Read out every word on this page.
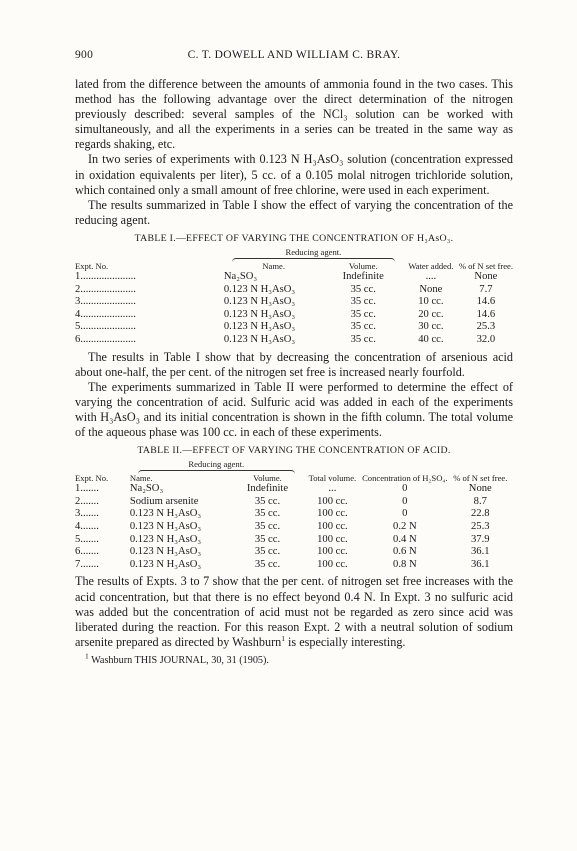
900	C. T. DOWELL AND WILLIAM C. BRAY.

lated from the difference between the amounts of ammonia found in the two cases. This method has the following advantage over the direct determination of the nitrogen previously described: several samples of the NCl₃ solution can be worked with simultaneously, and all the experiments in a series can be treated in the same way as regards shaking, etc.

In two series of experiments with 0.123 N H₃AsO₃ solution (concentration expressed in oxidation equivalents per liter), 5 cc. of a 0.105 molal nitrogen trichloride solution, which contained only a small amount of free chlorine, were used in each experiment.

The results summarized in Table I show the effect of varying the concentration of the reducing agent.

TABLE I.—EFFECT OF VARYING THE CONCENTRATION OF H₃AsO₃.

	Reducing agent.			

Expt. No.	Name.	Volume.	Water added.	% of N set free.
1.....................	Na₂SO₃	Indefinite	....	None
2.....................	0.123 N H₃AsO₃	35 cc.	None	7.7
3.....................	0.123 N H₃AsO₃	35 cc.	10 cc.	14.6
4.....................	0.123 N H₃AsO₃	35 cc.	20 cc.	14.6
5.....................	0.123 N H₃AsO₃	35 cc.	30 cc.	25.3
6.....................	0.123 N H₃AsO₃	35 cc.	40 cc.	32.0

The results in Table I show that by decreasing the concentration of arsenious acid about one-half, the per cent. of the nitrogen set free is increased nearly fourfold.

The experiments summarized in Table II were performed to determine the effect of varying the concentration of acid. Sulfuric acid was added in each of the experiments with H₃AsO₃ and its initial concentration is shown in the fifth column. The total volume of the aqueous phase was 100 cc. in each of these experiments.

TABLE II.—EFFECT OF VARYING THE CONCENTRATION OF ACID.

	Reducing agent.				

Expt. No.	Name.	Volume.	Total volume.	Concentration of H₂SO₄.	% of N set free.
1.......	Na₂SO₃	Indefinite	...	0	None
2.......	Sodium arsenite	35 cc.	100 cc.	0	8.7
3.......	0.123 N H₃AsO₃	35 cc.	100 cc.	0	22.8
4.......	0.123 N H₃AsO₃	35 cc.	100 cc.	0.2 N	25.3
5.......	0.123 N H₃AsO₃	35 cc.	100 cc.	0.4 N	37.9
6.......	0.123 N H₃AsO₃	35 cc.	100 cc.	0.6 N	36.1
7.......	0.123 N H₃AsO₃	35 cc.	100 cc.	0.8 N	36.1

The results of Expts. 3 to 7 show that the per cent. of nitrogen set free increases with the acid concentration, but that there is no effect beyond 0.4 N. In Expt. 3 no sulfuric acid was added but the concentration of acid must not be regarded as zero since acid was liberated during the reaction. For this reason Expt. 2 with a neutral solution of sodium arsenite prepared as directed by Washburn$^1$ is especially interesting.

$^1$ Washburn THIS JOURNAL, 30, 31 (1905).
